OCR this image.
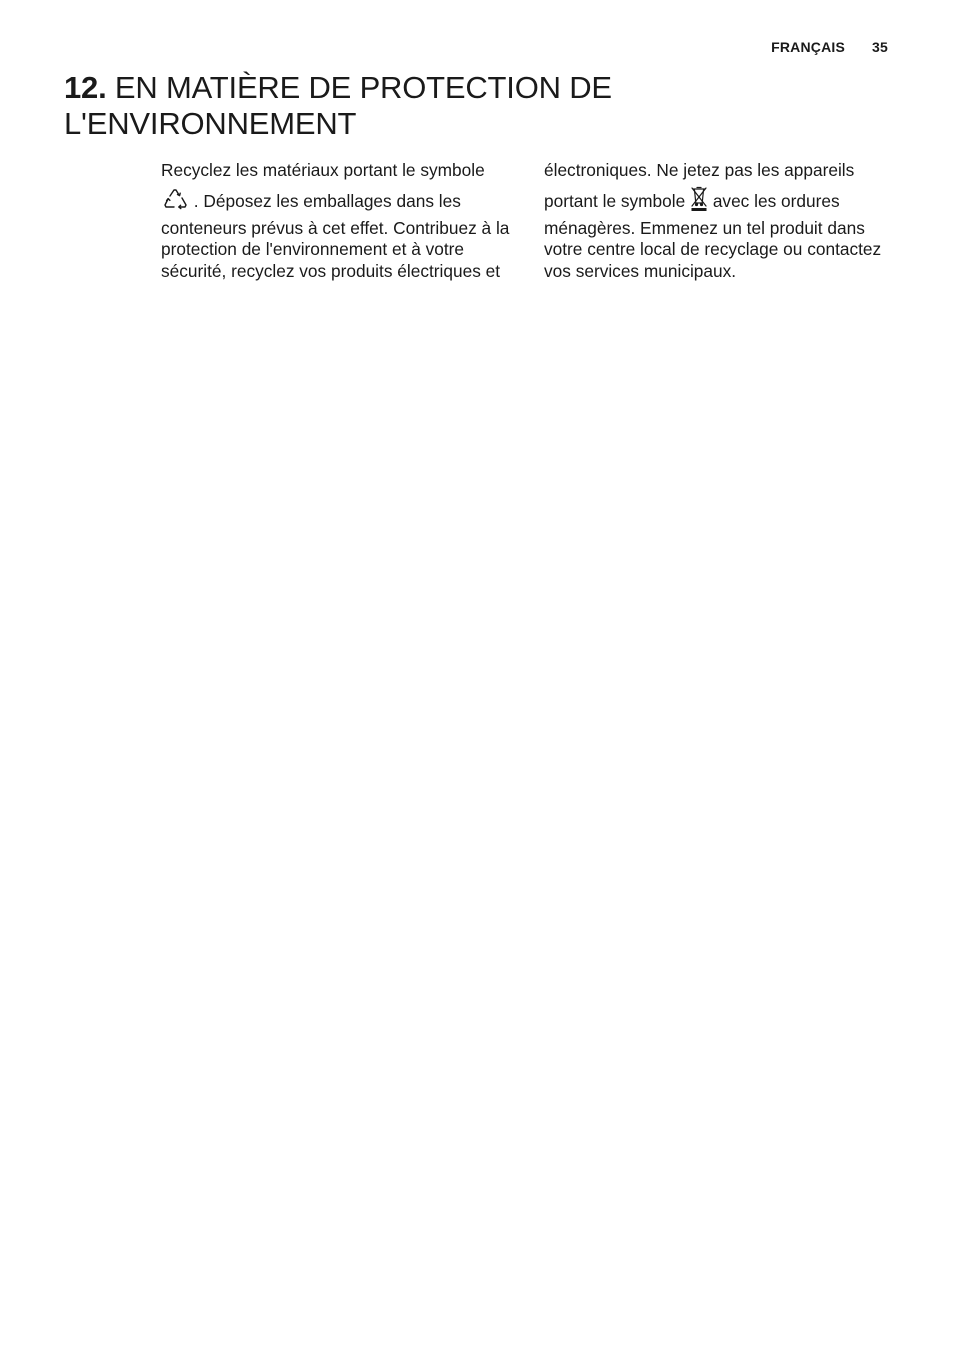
FRANÇAIS 35
12. EN MATIÈRE DE PROTECTION DE L'ENVIRONNEMENT

Recyclez les matériaux portant le symbole

. Déposez les emballages dans les

conteneurs prévus à cet effet. Contribuez à la protection de l'environnement et à votre sécurité, recyclez vos produits électriques et

électroniques. Ne jetez pas les appareils

portant le symbole
avec les ordures

ménagères. Emmenez un tel produit dans votre centre local de recyclage ou contactez vos services municipaux.
